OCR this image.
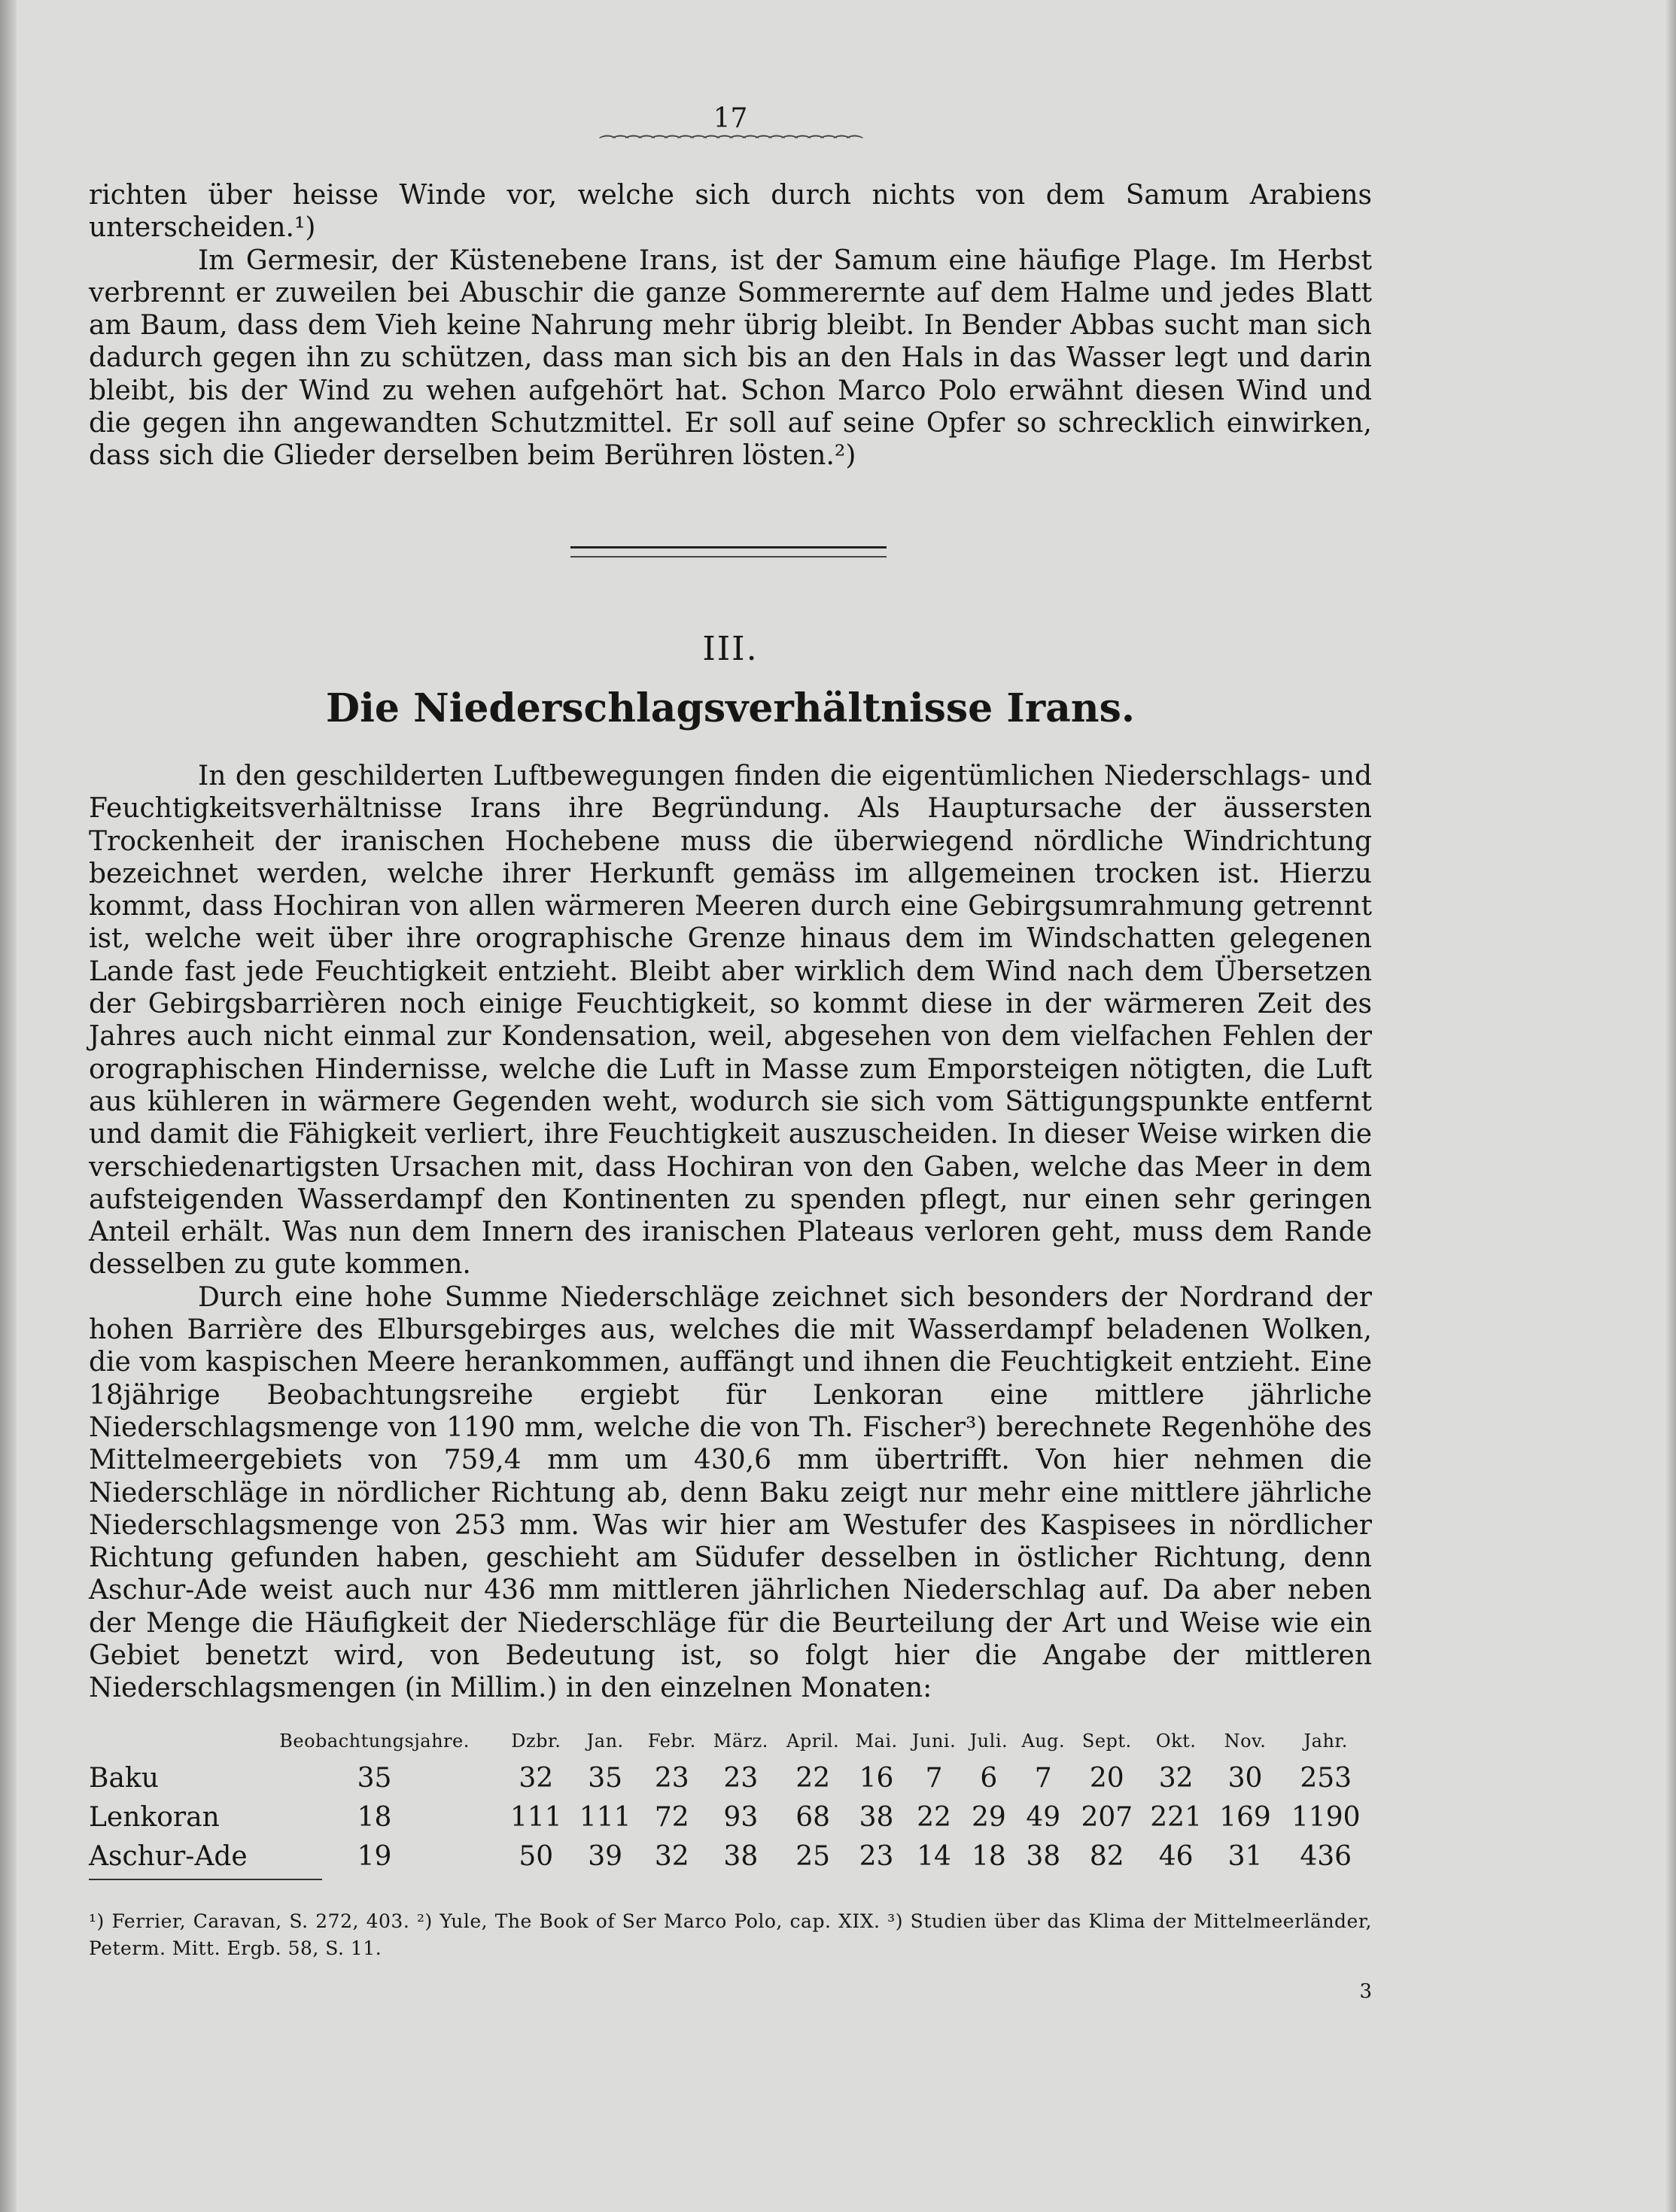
17
⁀⁀⁀⁀⁀⁀⁀⁀⁀⁀⁀⁀⁀⁀⁀⁀⁀⁀⁀⁀

richten über heisse Winde vor, welche sich durch nichts von dem Samum Arabiens unterscheiden.¹)

Im Germesir, der Küstenebene Irans, ist der Samum eine häufige Plage. Im Herbst verbrennt er zuweilen bei Abuschir die ganze Sommerernte auf dem Halme und jedes Blatt am Baum, dass dem Vieh keine Nahrung mehr übrig bleibt. In Bender Abbas sucht man sich dadurch gegen ihn zu schützen, dass man sich bis an den Hals in das Wasser legt und darin bleibt, bis der Wind zu wehen aufgehört hat. Schon Marco Polo erwähnt diesen Wind und die gegen ihn angewandten Schutzmittel. Er soll auf seine Opfer so schrecklich einwirken, dass sich die Glieder derselben beim Berühren lösten.²)

III.
Die Niederschlagsverhältnisse Irans.

In den geschilderten Luftbewegungen finden die eigentümlichen Niederschlags- und Feuchtigkeitsverhältnisse Irans ihre Begründung. Als Hauptursache der äussersten Trockenheit der iranischen Hochebene muss die überwiegend nördliche Windrichtung bezeichnet werden, welche ihrer Herkunft gemäss im allgemeinen trocken ist. Hierzu kommt, dass Hochiran von allen wärmeren Meeren durch eine Gebirgsumrahmung getrennt ist, welche weit über ihre orographische Grenze hinaus dem im Windschatten gelegenen Lande fast jede Feuchtigkeit entzieht. Bleibt aber wirklich dem Wind nach dem Übersetzen der Gebirgsbarrièren noch einige Feuchtigkeit, so kommt diese in der wärmeren Zeit des Jahres auch nicht einmal zur Kondensation, weil, abgesehen von dem vielfachen Fehlen der orographischen Hindernisse, welche die Luft in Masse zum Emporsteigen nötigten, die Luft aus kühleren in wärmere Gegenden weht, wodurch sie sich vom Sättigungspunkte entfernt und damit die Fähigkeit verliert, ihre Feuchtigkeit auszuscheiden. In dieser Weise wirken die verschiedenartigsten Ursachen mit, dass Hochiran von den Gaben, welche das Meer in dem aufsteigenden Wasserdampf den Kontinenten zu spenden pflegt, nur einen sehr geringen Anteil erhält. Was nun dem Innern des iranischen Plateaus verloren geht, muss dem Rande desselben zu gute kommen.

Durch eine hohe Summe Niederschläge zeichnet sich besonders der Nordrand der hohen Barrière des Elbursgebirges aus, welches die mit Wasserdampf beladenen Wolken, die vom kaspischen Meere herankommen, auffängt und ihnen die Feuchtigkeit entzieht. Eine 18jährige Beobachtungsreihe ergiebt für Lenkoran eine mittlere jährliche Niederschlagsmenge von 1190 mm, welche die von Th. Fischer³) berechnete Regenhöhe des Mittelmeergebiets von 759,4 mm um 430,6 mm übertrifft. Von hier nehmen die Niederschläge in nördlicher Richtung ab, denn Baku zeigt nur mehr eine mittlere jährliche Niederschlagsmenge von 253 mm. Was wir hier am Westufer des Kaspisees in nördlicher Richtung gefunden haben, geschieht am Südufer desselben in östlicher Richtung, denn Aschur-Ade weist auch nur 436 mm mittleren jährlichen Niederschlag auf. Da aber neben der Menge die Häufigkeit der Niederschläge für die Beurteilung der Art und Weise wie ein Gebiet benetzt wird, von Bedeutung ist, so folgt hier die Angabe der mittleren Niederschlagsmengen (in Millim.) in den einzelnen Monaten:

	Beobachtungsjahre.	Dzbr.	Jan.	Febr.	März.	April.	Mai.	Juni.	Juli.	Aug.	Sept.	Okt.	Nov.	Jahr.
Baku	35	32	35	23	23	22	16	7	6	7	20	32	30	253
Lenkoran	18	111	111	72	93	68	38	22	29	49	207	221	169	1190
Aschur-Ade	19	50	39	32	38	25	23	14	18	38	82	46	31	436
¹) Ferrier, Caravan, S. 272, 403. ²) Yule, The Book of Ser Marco Polo, cap. XIX. ³) Studien über das Klima der Mittelmeerländer, Peterm. Mitt. Ergb. 58, S. 11.
3
